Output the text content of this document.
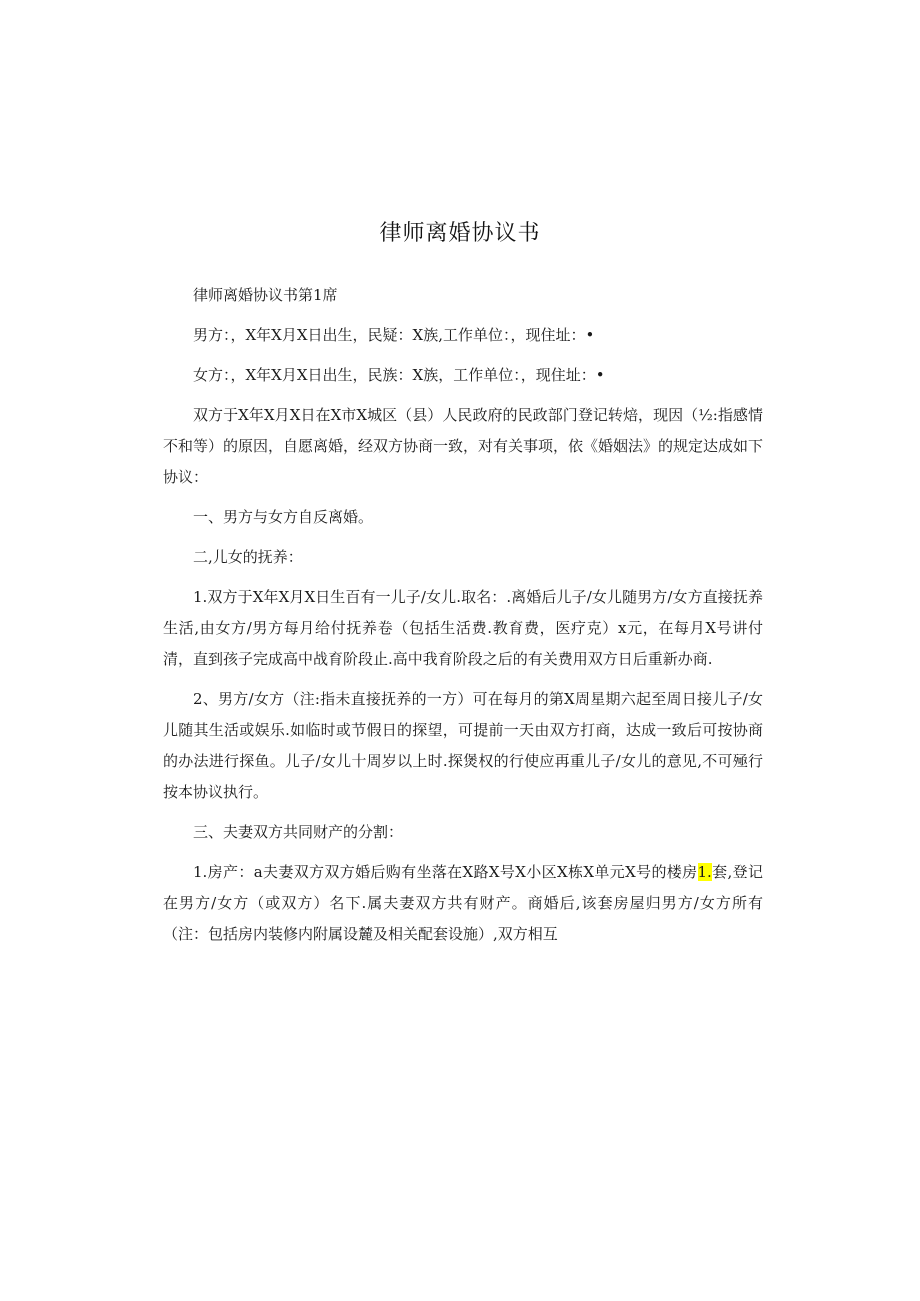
律师离婚协议书

律师离婚协议书第1席

男方：，X年X月X日出生，民疑：X族,工作单位：，现住址：•

女方：，X年X月X日出生，民族：X族，工作单位：，现住址：•

双方于X年X月X日在X市X城区（县）人民政府的民政部门登记转焙，现因（½:指感情不和等）的原因，自愿离婚，经双方协商一致，对有关事项，依《婚姻法》的规定达成如下协议：

一、男方与女方自反离婚。

二,儿女的抚养：

1.双方于X年X月X日生百有一儿子/女儿.取名：.离婚后儿子/女儿随男方/女方直接抚养生活,由女方/男方每月给付抚养卷（包括生活费.教育费，医疗克）x元，在每月X号讲付清，直到孩子完成高中战育阶段止.高中我育阶段之后的有关费用双方日后重新办商.

2、男方/女方（注:指未直接抚养的一方）可在每月的第X周星期六起至周日接儿子/女儿随其生活或娱乐.如临时或节假日的探望，可提前一天由双方打商，达成一致后可按协商的办法进行探鱼。儿子/女儿十周岁以上时.探煲权的行使应再重儿子/女儿的意见,不可殛行按本协议执行。

三、夫妻双方共同财产的分割：

1.房产：a夫妻双方双方婚后购有坐落在X路X号X小区X栋X单元X号的楼房1.套,登记在男方/女方（或双方）名下.属夫妻双方共有财产。商婚后,该套房屋归男方/女方所有（注：包括房内装修内附属设麓及相关配套设施）,双方相互
